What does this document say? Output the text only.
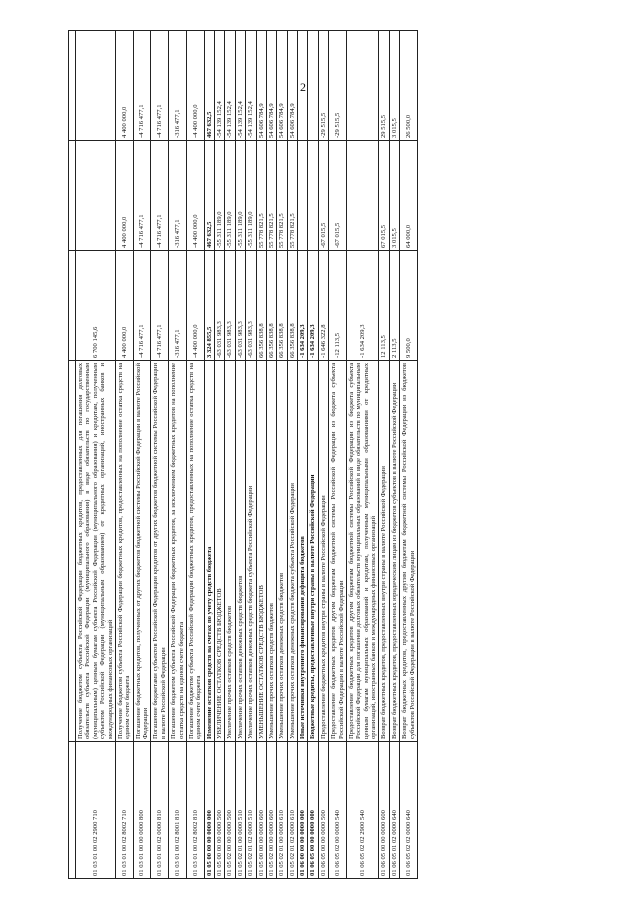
2

01 03 01 00 02 2900 710	Получение бюджетом субъекта Российской Федерации бюджетных кредитов, предоставленных для погашения долговых обязательств субъекта Российской Федерации (муниципального образования) в виде обязательств по государственным (муниципальным) ценным бумагам субъекта Российской Федерации (муниципального образования) и кредитам, полученным субъектом Российской Федерации (муниципальным образованием) от кредитных организаций, иностранных банков и международных финансовых организаций	6 700 145,6		
01 03 01 00 02 8002 710	Получение бюджетом субъекта Российской Федерации бюджетных кредитов, предоставленных на пополнение остатка средств на едином счете бюджета	4 400 000,0	4 400 000,0	4 400 000,0
01 03 01 00 00 0000 800	Погашение бюджетных кредитов, полученных от других бюджетов бюджетной системы Российской Федерации в валюте Российской Федерации	-4 716 477,1	-4 716 477,1	-4 716 477,1
01 03 01 00 02 0000 810	Погашение бюджетами субъектов Российской Федерации кредитов от других бюджетов бюджетной системы Российской Федерации в валюте Российской Федерации	-4 716 477,1	-4 716 477,1	-4 716 477,1
01 03 01 00 02 8001 810	Погашение бюджетом субъекта Российской Федерации бюджетных кредитов, за исключением бюджетных кредитов на пополнение остатка средств на едином счете бюджета	-316 477,1	-316 477,1	-316 477,1
01 03 01 00 02 8002 810	Погашение бюджетом субъекта Российской Федерации бюджетных кредитов, предоставленных на пополнение остатка средств на едином счете бюджета	-4 400 000,0	-4 400 000,0	-4 400 000,0
01 05 00 00 00 0000 000	Изменение остатков средств на счетах по учету средств бюджета	3 324 855,5	467 632,5	467 632,5
01 05 00 00 00 0000 500	УВЕЛИЧЕНИЕ ОСТАТКОВ СРЕДСТВ БЮДЖЕТОВ	-63 031 983,3	-55 311 189,0	-54 139 152,4
01 05 02 00 00 0000 500	Увеличение прочих остатков средств бюджетов	-63 031 983,3	-55 311 189,0	-54 139 152,4
01 05 02 01 00 0000 510	Увеличение прочих остатков денежных средств бюджетов	-63 031 983,3	-55 311 189,0	-54 139 152,4
01 05 02 01 02 0000 510	Увеличение прочих остатков денежных средств бюджета субъекта Российской Федерации	-63 031 983,3	-55 311 189,0	-54 139 152,4
01 05 00 00 00 0000 600	УМЕНЬШЕНИЕ ОСТАТКОВ СРЕДСТВ БЮДЖЕТОВ	66 356 838,8	55 778 821,5	54 606 784,9
01 05 02 00 00 0000 600	Уменьшение прочих остатков средств бюджетов	66 356 838,8	55 778 821,5	54 606 784,9
01 05 02 01 00 0000 610	Уменьшение прочих остатков денежных средств бюджетов	66 356 838,8	55 778 821,5	54 606 784,9
01 05 02 01 02 0000 610	Уменьшение прочих остатков денежных средств бюджета субъекта Российской Федерации	66 356 838,8	55 778 821,5	54 606 784,9
01 06 00 00 00 0000 000	Иные источники внутреннего финансирования дефицита бюджетов	-1 634 209,3		
01 06 05 00 00 0000 000	Бюджетные кредиты, предоставленные внутри страны в валюте Российской Федерации	-1 634 209,3		
01 06 05 00 00 0000 500	Предоставление бюджетных кредитов внутри страны в валюте Российской Федерации	-1 646 322,8	-67 015,5	-29 515,5
01 06 05 02 00 0000 540	Предоставление бюджетных кредитов другим бюджетам бюджетной системы Российской Федерации из бюджета субъекта Российской Федерации в валюте Российской Федерации	-12 113,5	-67 015,5	-29 515,5
01 06 05 02 02 2900 540	Предоставление бюджетных кредитов другим бюджетам бюджетной системы Российской Федерации из бюджета субъекта Российской Федерации для погашения долговых обязательств муниципальных образований в виде обязательств по муниципальным ценным бумагам муниципальных образований и кредитам, полученным муниципальными образованиями от кредитных организаций, иностранных банков и международных финансовых организаций	-1 634 209,3		
01 06 05 00 00 0000 600	Возврат бюджетных кредитов, предоставленных внутри страны в валюте Российской Федерации	12 113,5	67 015,5	29 515,5
01 06 05 01 02 0000 640	Возврат бюджетных кредитов, предоставленных юридическим лицам из бюджетов субъектов в валюте Российской Федерации	2 113,5	3 015,5	3 015,5
01 06 05 02 02 0000 640	Возврат бюджетных кредитов, предоставленных другим бюджетам бюджетной системы Российской Федерации из бюджетов субъектов Российской Федерации в валюте Российской Федерации	9 500,0	64 000,0	26 500,0
